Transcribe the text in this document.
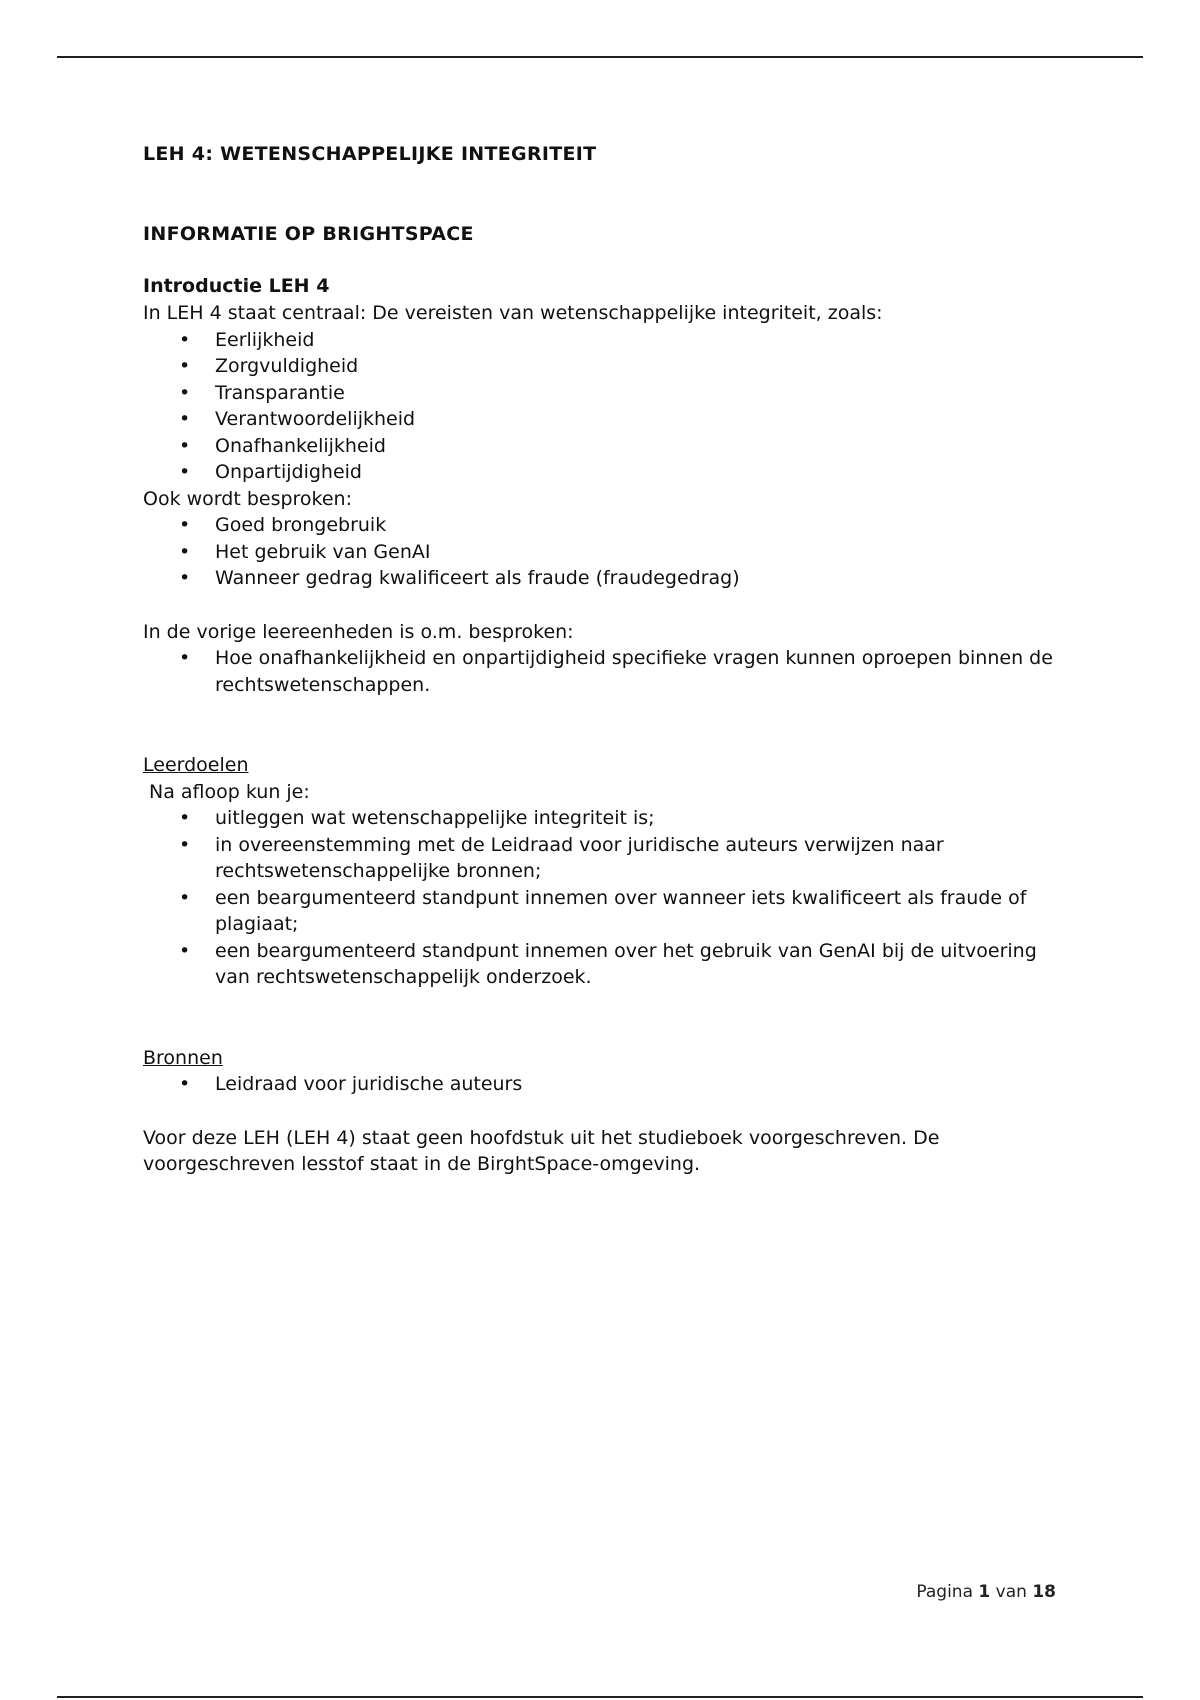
LEH 4: WETENSCHAPPELIJKE INTEGRITEIT
INFORMATIE OP BRIGHTSPACE
Introductie LEH 4

In LEH 4 staat centraal: De vereisten van wetenschappelijke integriteit, zoals:

• Eerlijkheid
• Zorgvuldigheid
• Transparantie
• Verantwoordelijkheid
• Onafhankelijkheid
• Onpartijdigheid

Ook wordt besproken:

• Goed brongebruik
• Het gebruik van GenAI
• Wanneer gedrag kwalificeert als fraude (fraudegedrag)

In de vorige leereenheden is o.m. besproken:

• Hoe onafhankelijkheid en onpartijdigheid specifieke vragen kunnen oproepen binnen de rechtswetenschappen.

Leerdoelen

Na afloop kun je:

• uitleggen wat wetenschappelijke integriteit is;
• in overeenstemming met de Leidraad voor juridische auteurs verwijzen naar rechtswetenschappelijke bronnen;
• een beargumenteerd standpunt innemen over wanneer iets kwalificeert als fraude of plagiaat;
• een beargumenteerd standpunt innemen over het gebruik van GenAI bij de uitvoering van rechtswetenschappelijk onderzoek.

Bronnen

• Leidraad voor juridische auteurs

Voor deze LEH (LEH 4) staat geen hoofdstuk uit het studieboek voorgeschreven. De voorgeschreven lesstof staat in de BirghtSpace-omgeving.

Pagina 1 van 18
